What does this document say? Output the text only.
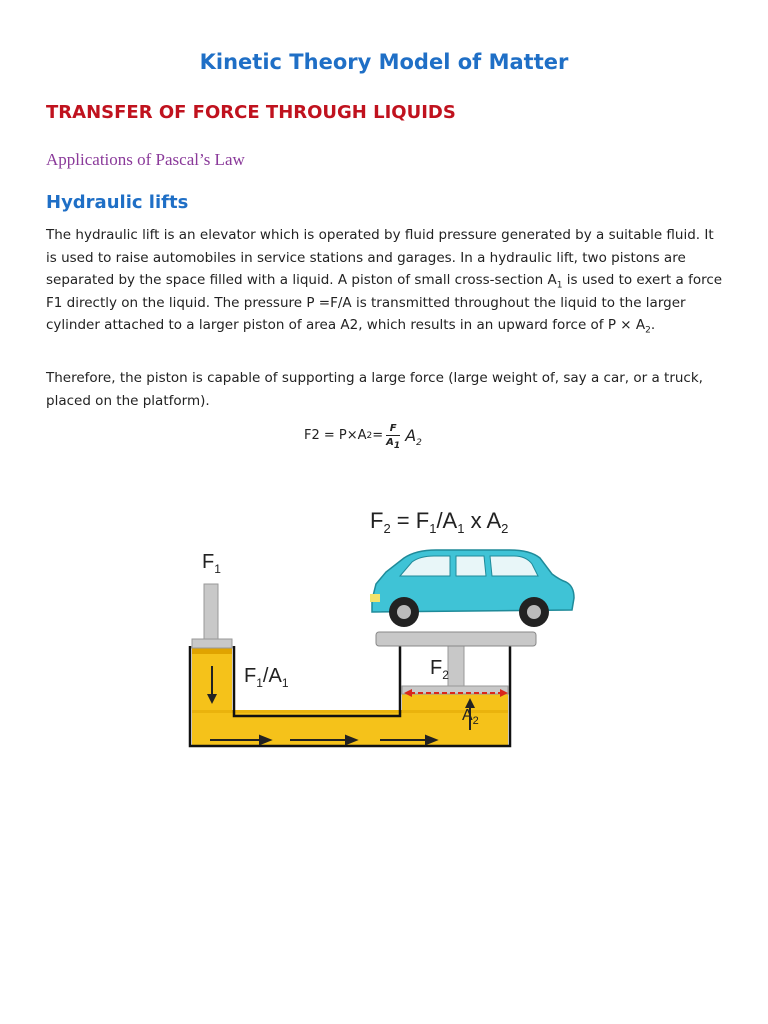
Kinetic Theory Model of Matter
TRANSFER OF FORCE THROUGH LIQUIDS
Applications of Pascal’s Law
Hydraulic lifts

The hydraulic lift is an elevator which is operated by fluid pressure generated by a suitable fluid. It is used to raise automobiles in service stations and garages. In a hydraulic lift, two pistons are separated by the space filled with a liquid. A piston of small cross-section $A_1$ is used to exert a force F1 directly on the liquid. The pressure P =F/A is transmitted throughout the liquid to the larger cylinder attached to a larger piston of area A2, which results in an upward force of $P \times A_2$.

Therefore, the piston is capable of supporting a large force (large weight of, say a car, or a truck, placed on the platform).

F2 = P×A $2 = \frac{F}{A_1} A_2$
$F_2 = F_1/A_1$ x $A_2$
$F_1$
$F_1/A_1$
$F_2$
$A_2$
